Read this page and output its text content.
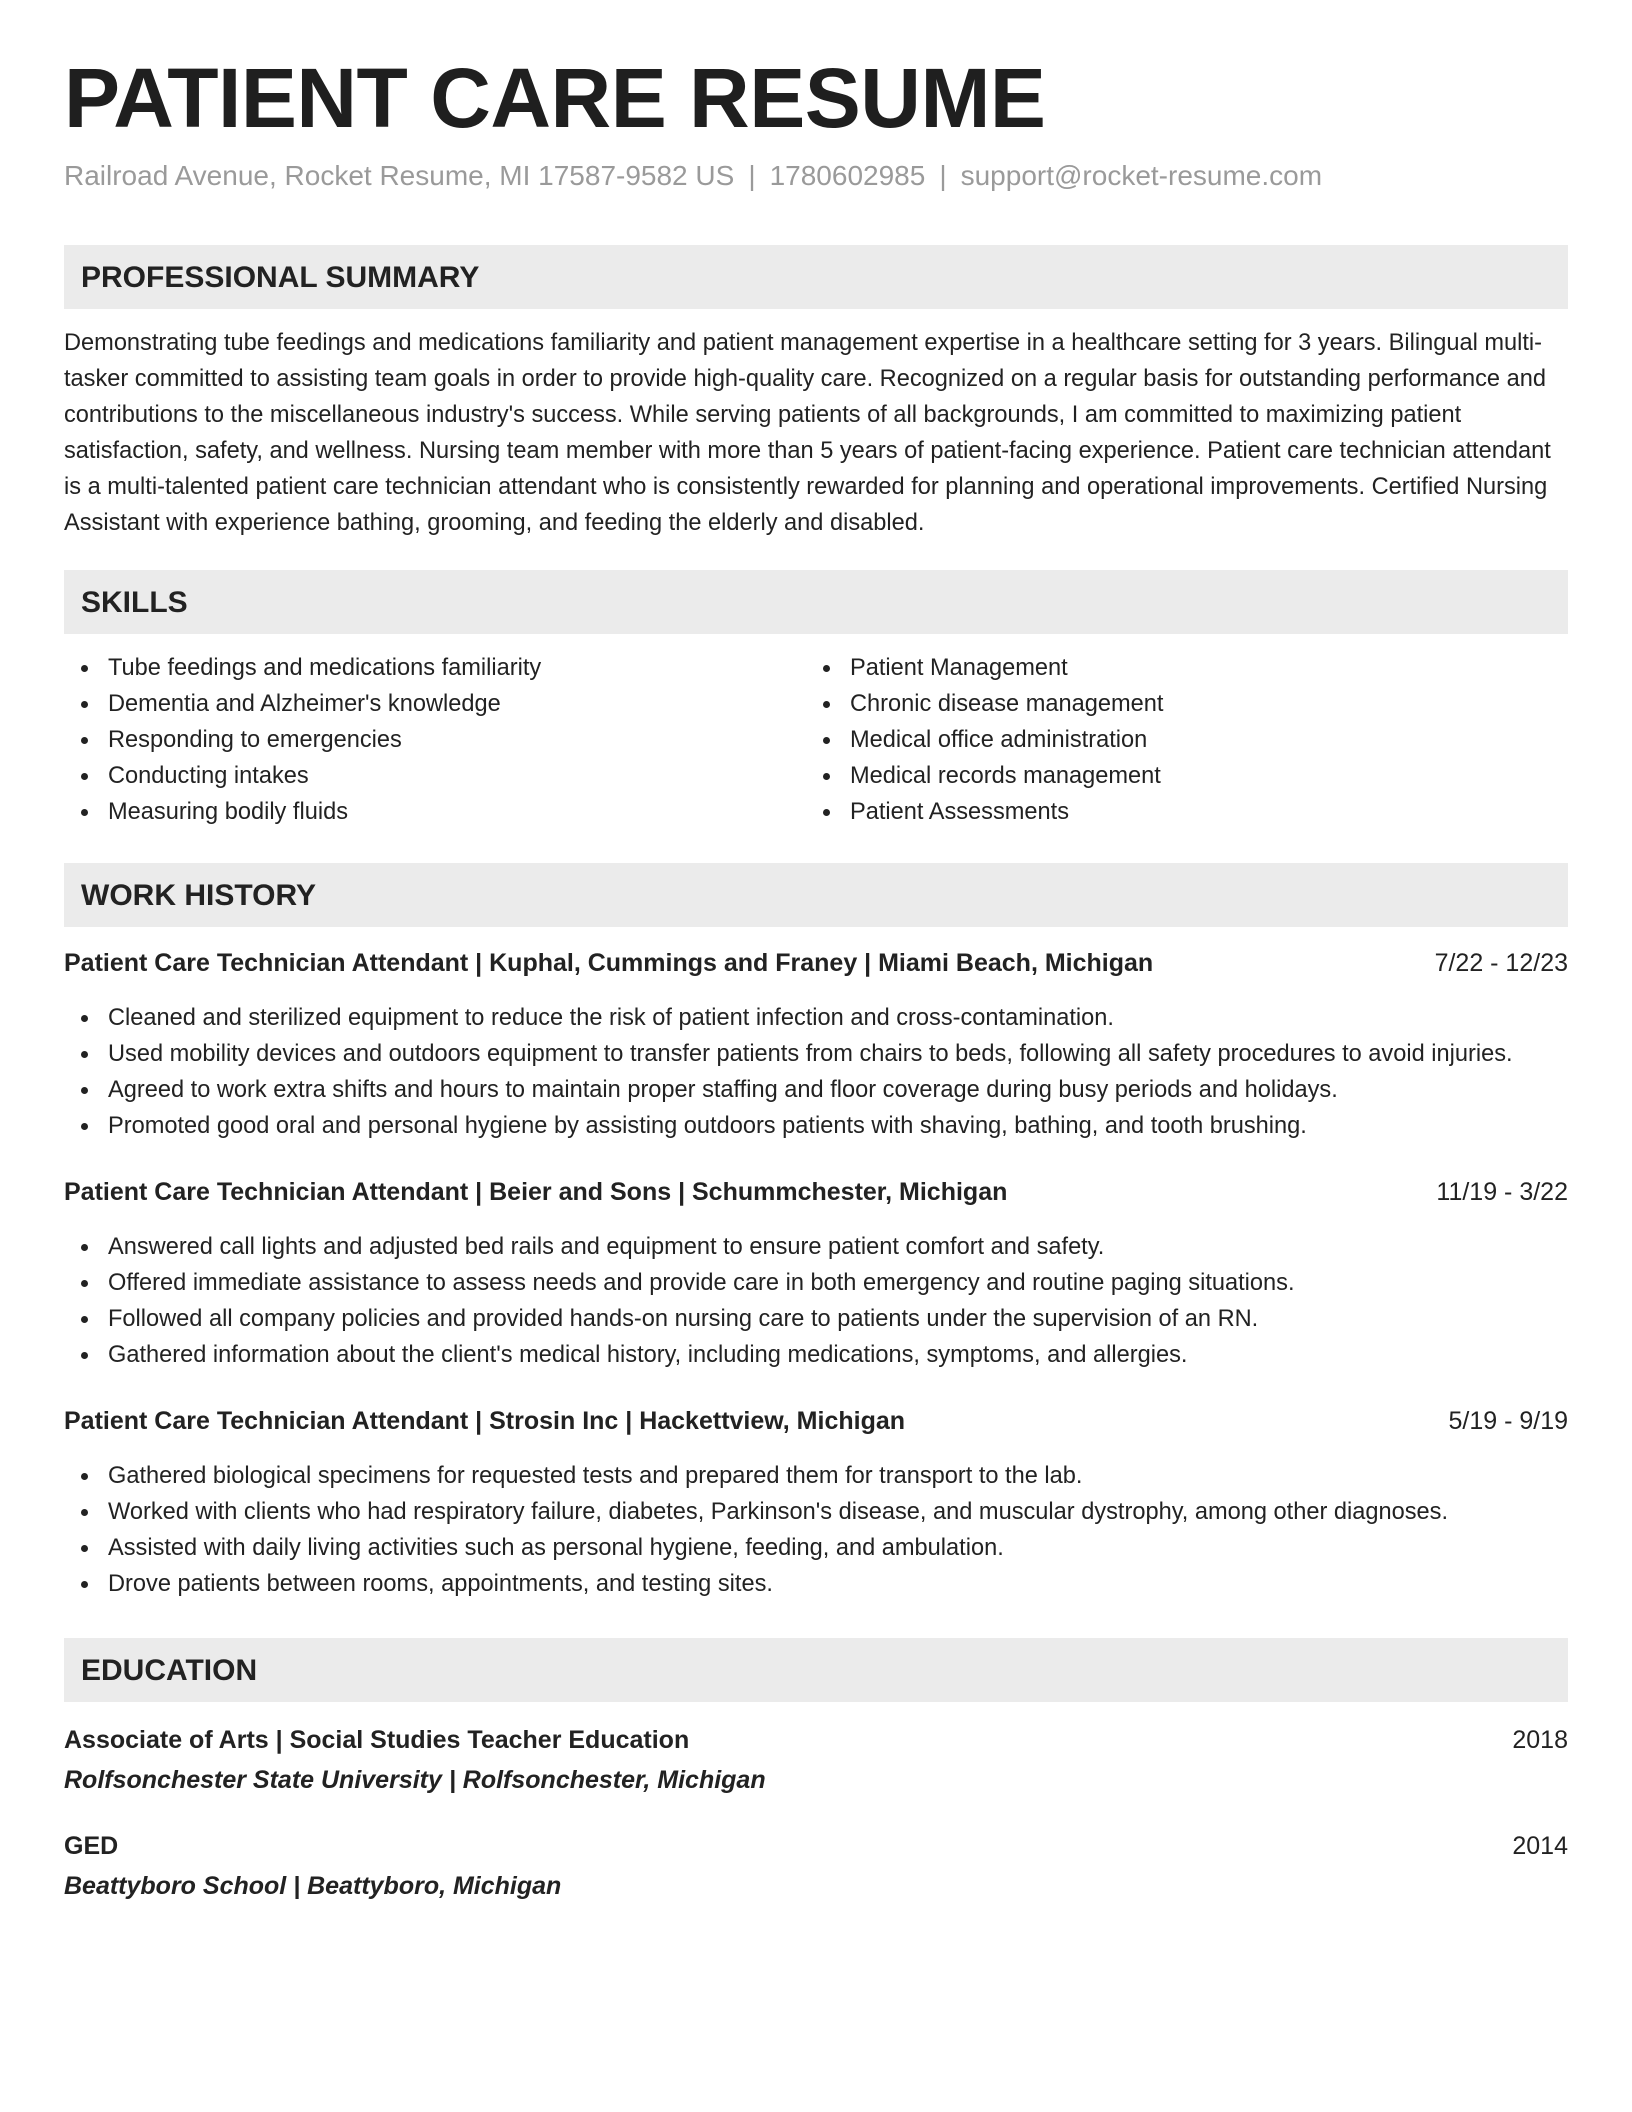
PATIENT CARE RESUME
Railroad Avenue, Rocket Resume, MI 17587-9582 US | 1780602985 | support@rocket-resume.com
PROFESSIONAL SUMMARY
Demonstrating tube feedings and medications familiarity and patient management expertise in a healthcare setting for 3 years. Bilingual multi-tasker committed to assisting team goals in order to provide high-quality care. Recognized on a regular basis for outstanding performance and contributions to the miscellaneous industry's success. While serving patients of all backgrounds, I am committed to maximizing patient satisfaction, safety, and wellness. Nursing team member with more than 5 years of patient-facing experience. Patient care technician attendant is a multi-talented patient care technician attendant who is consistently rewarded for planning and operational improvements. Certified Nursing Assistant with experience bathing, grooming, and feeding the elderly and disabled.
SKILLS
Tube feedings and medications familiarity
Dementia and Alzheimer's knowledge
Responding to emergencies
Conducting intakes
Measuring bodily fluids
Patient Management
Chronic disease management
Medical office administration
Medical records management
Patient Assessments
WORK HISTORY
Patient Care Technician Attendant | Kuphal, Cummings and Franey | Miami Beach, Michigan	7/22 - 12/23
Cleaned and sterilized equipment to reduce the risk of patient infection and cross-contamination.
Used mobility devices and outdoors equipment to transfer patients from chairs to beds, following all safety procedures to avoid injuries.
Agreed to work extra shifts and hours to maintain proper staffing and floor coverage during busy periods and holidays.
Promoted good oral and personal hygiene by assisting outdoors patients with shaving, bathing, and tooth brushing.
Patient Care Technician Attendant | Beier and Sons | Schummchester, Michigan	11/19 - 3/22
Answered call lights and adjusted bed rails and equipment to ensure patient comfort and safety.
Offered immediate assistance to assess needs and provide care in both emergency and routine paging situations.
Followed all company policies and provided hands-on nursing care to patients under the supervision of an RN.
Gathered information about the client's medical history, including medications, symptoms, and allergies.
Patient Care Technician Attendant | Strosin Inc | Hackettview, Michigan	5/19 - 9/19
Gathered biological specimens for requested tests and prepared them for transport to the lab.
Worked with clients who had respiratory failure, diabetes, Parkinson's disease, and muscular dystrophy, among other diagnoses.
Assisted with daily living activities such as personal hygiene, feeding, and ambulation.
Drove patients between rooms, appointments, and testing sites.
EDUCATION
Associate of Arts | Social Studies Teacher Education	2018
Rolfsonchester State University | Rolfsonchester, Michigan
GED	2014
Beattyboro School | Beattyboro, Michigan
